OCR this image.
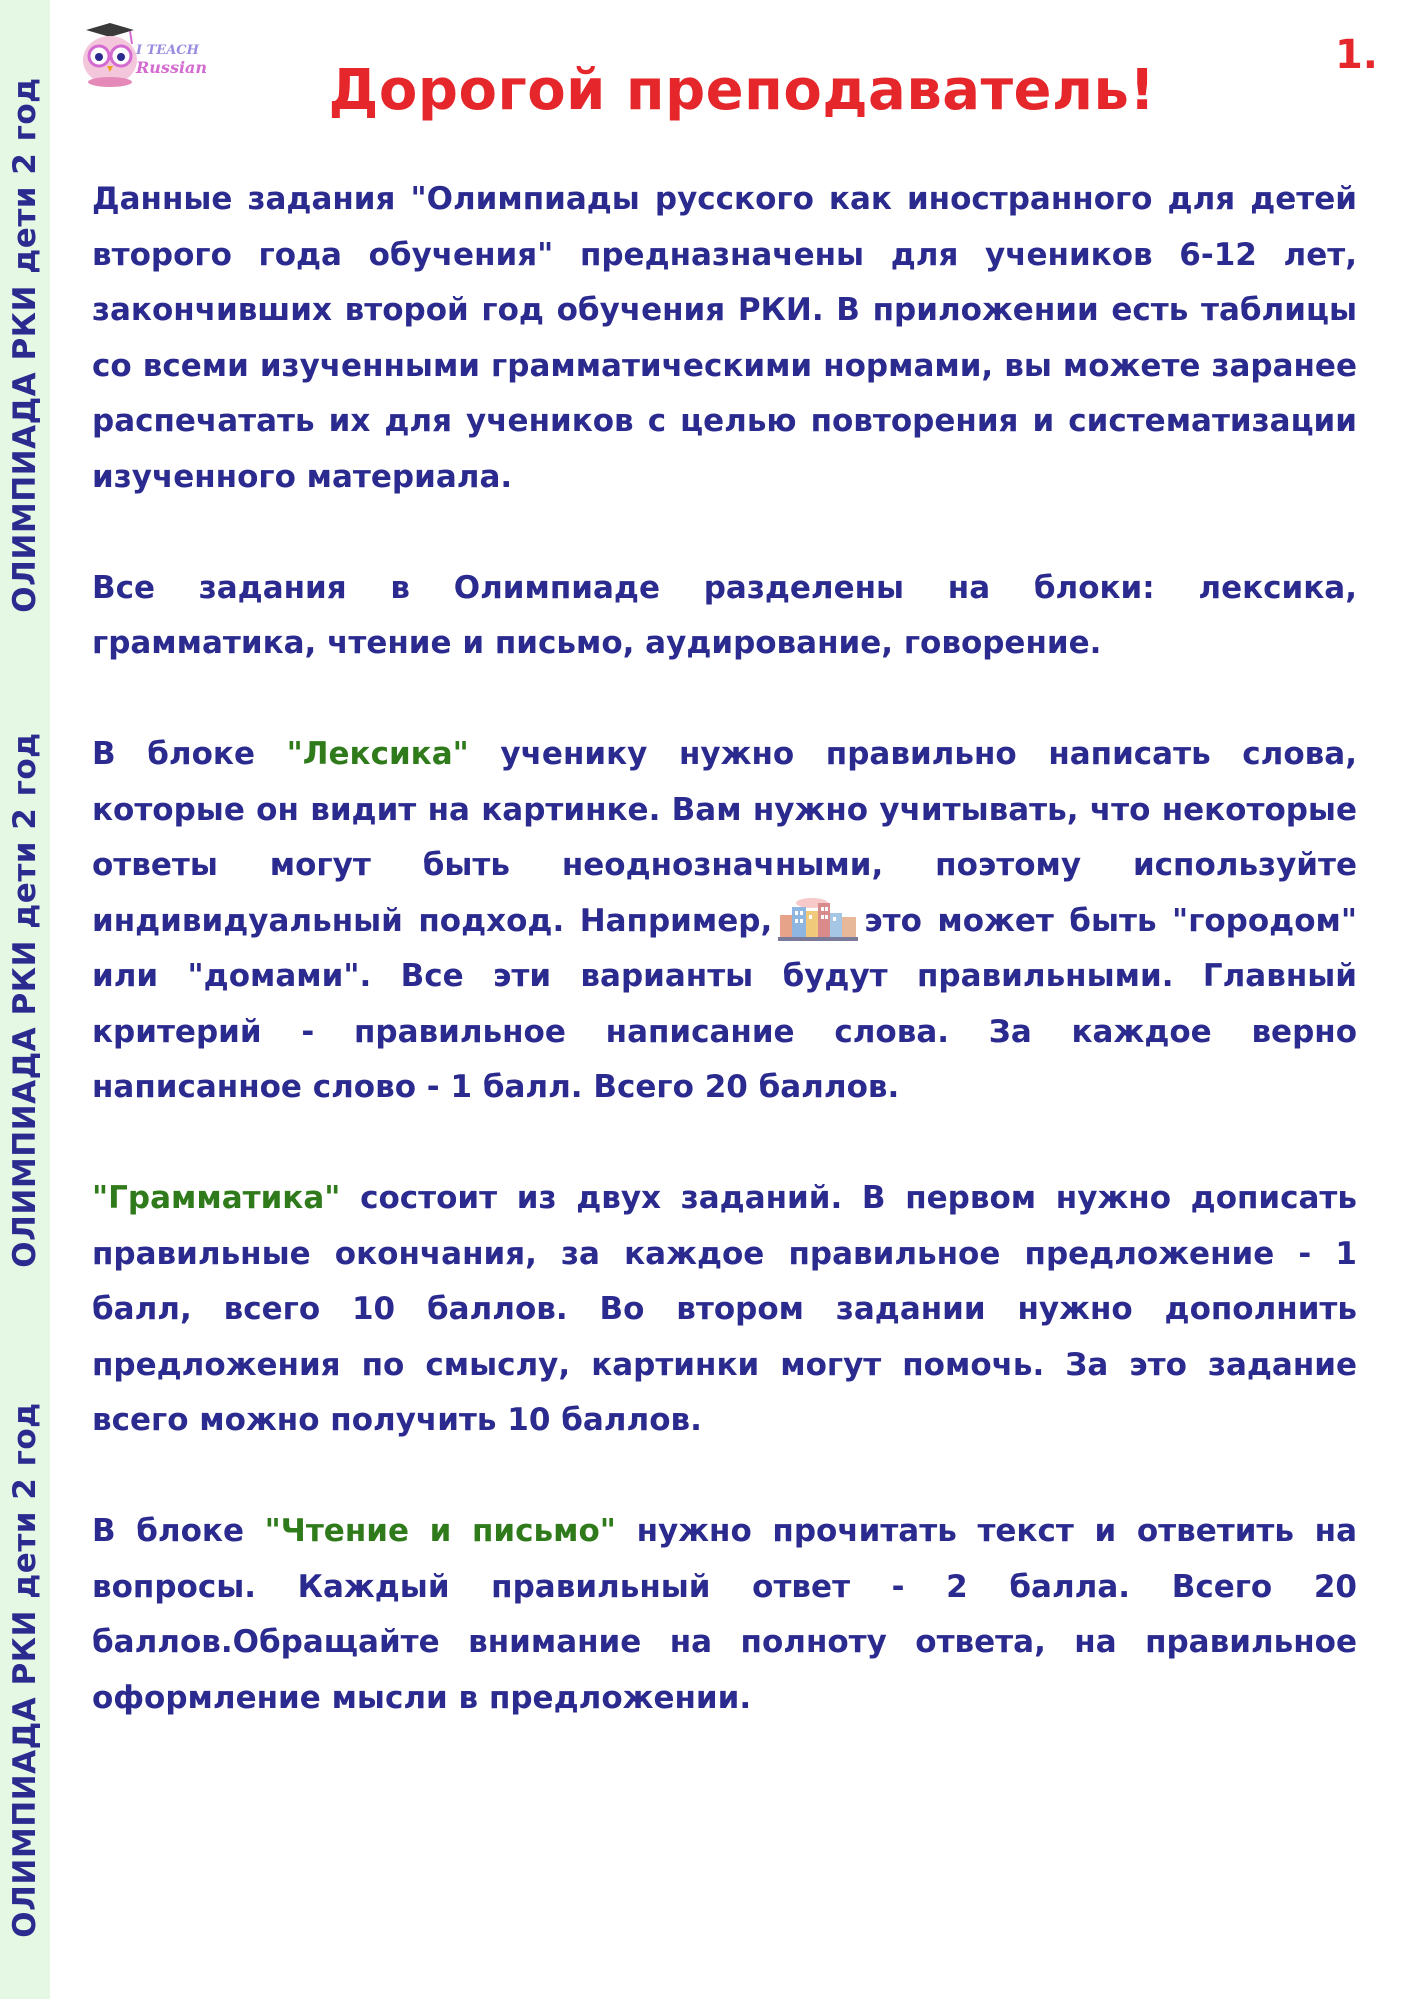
ОЛИМПИАДА РКИ дети 2 год
ОЛИМПИАДА РКИ дети 2 год
ОЛИМПИАДА РКИ дети 2 год
I TEACH
Russian	1.
Дорогой преподаватель!

Данные задания "Олимпиады русского как иностранного для детей второго года обучения" предназначены для учеников 6-12 лет, закончивших второй год обучения РКИ. В приложении есть таблицы со всеми изученными грамматическими нормами, вы можете заранее распечатать их для учеников с целью повторения и систематизации изученного материала.

Все задания в Олимпиаде разделены на блоки: лексика, грамматика, чтение и письмо, аудирование, говорение.

В блоке "Лексика" ученику нужно правильно написать слова, которые он видит на картинке. Вам нужно учитывать, что некоторые ответы могут быть неоднозначными, поэтому используйте индивидуальный подход. Например,	это может быть "городом" или "домами". Все эти варианты будут правильными. Главный критерий - правильное написание слова. За каждое верно написанное слово - 1 балл. Всего 20 баллов.

"Грамматика" состоит из двух заданий. В первом нужно дописать правильные окончания, за каждое правильное предложение - 1 балл, всего 10 баллов. Во втором задании нужно дополнить предложения по смыслу, картинки могут помочь. За это задание всего можно получить 10 баллов.

В блоке "Чтение и письмо" нужно прочитать текст и ответить на вопросы. Каждый правильный ответ - 2 балла. Всего 20 баллов.Обращайте внимание на полноту ответа, на правильное оформление мысли в предложении.
